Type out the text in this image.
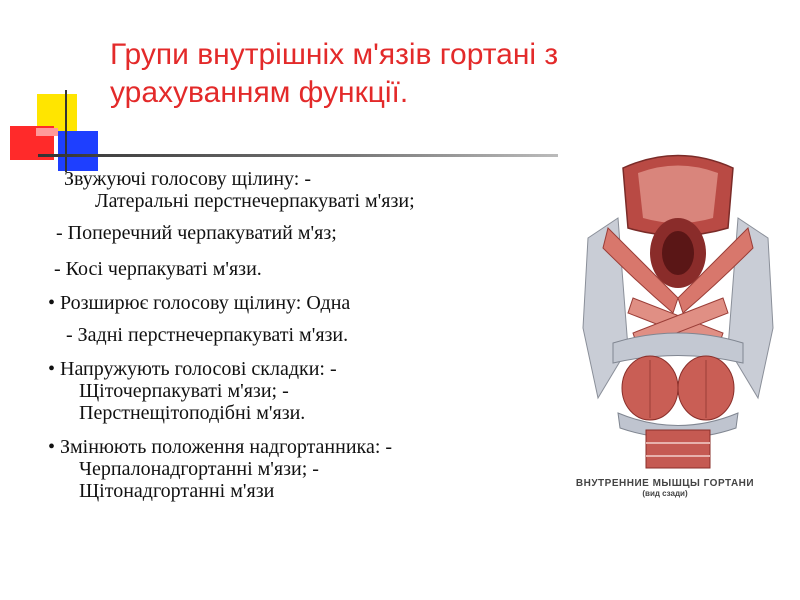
Групи внутрішніх м'язів гортані з урахуванням функції.
Звужуючі голосову щілину: -
Латеральні перстнечерпакуваті м'язи;
- Поперечний черпакуватий м'яз;
- Косі черпакуваті м'язи.
• Розширює голосову щілину: Одна
- Задні перстнечерпакуваті м'язи.
• Напружують голосові складки: -
Щіточерпакуваті м'язи; -
Перстнещітоподібні м'язи.
• Змінюють положення надгортанника: -
Черпалонадгортанні м'язи; -
Щітонадгортанні м'язи	ВНУТРЕННИЕ МЫШЦЫ ГОРТАНИ
(вид сзади)
